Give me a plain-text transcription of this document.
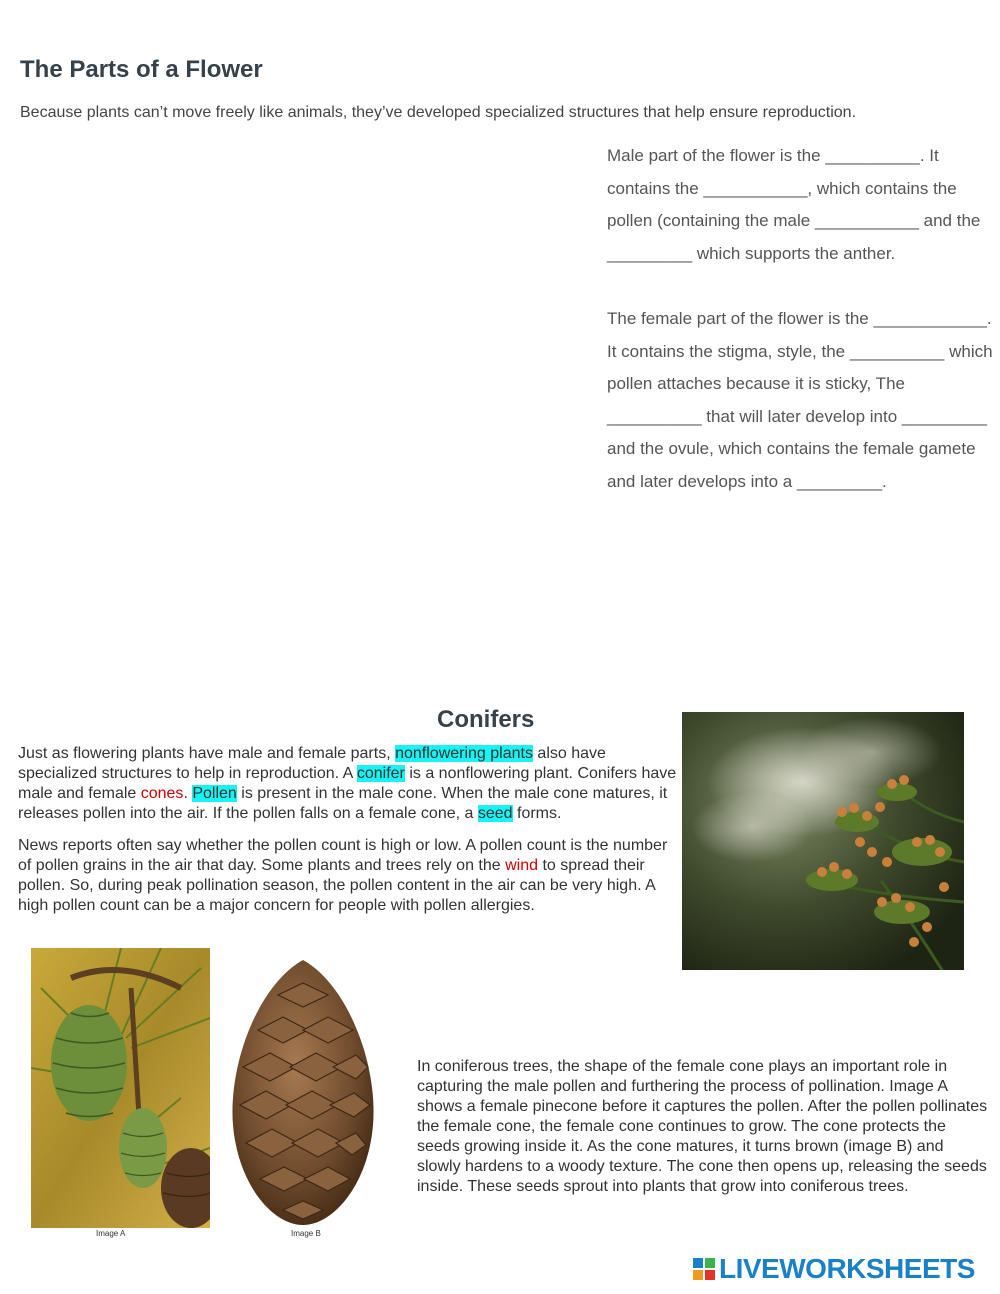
The Parts of a Flower
Because plants can’t move freely like animals, they’ve developed specialized structures that help ensure reproduction.
Male part of the flower is the __________. It contains the ___________, which contains the pollen (containing the male ___________ and the _________ which supports the anther.
The female part of the flower is the ____________. It contains the stigma, style, the __________ which pollen attaches because it is sticky, The __________ that will later develop into _________ and the ovule, which contains the female gamete and later develops into a _________.
Conifers
Just as flowering plants have male and female parts, nonflowering plants also have specialized structures to help in reproduction. A conifer is a nonflowering plant. Conifers have male and female cones. Pollen is present in the male cone. When the male cone matures, it releases pollen into the air. If the pollen falls on a female cone, a seed forms.
News reports often say whether the pollen count is high or low. A pollen count is the number of pollen grains in the air that day. Some plants and trees rely on the wind to spread their pollen. So, during peak pollination season, the pollen content in the air can be very high. A high pollen count can be a major concern for people with pollen allergies.
Image A	Image B
In coniferous trees, the shape of the female cone plays an important role in capturing the male pollen and furthering the process of pollination. Image A shows a female pinecone before it captures the pollen. After the pollen pollinates the female cone, the female cone continues to grow. The cone protects the seeds growing inside it. As the cone matures, it turns brown (image B) and slowly hardens to a woody texture. The cone then opens up, releasing the seeds inside. These seeds sprout into plants that grow into coniferous trees.
LIVEWORKSHEETS
